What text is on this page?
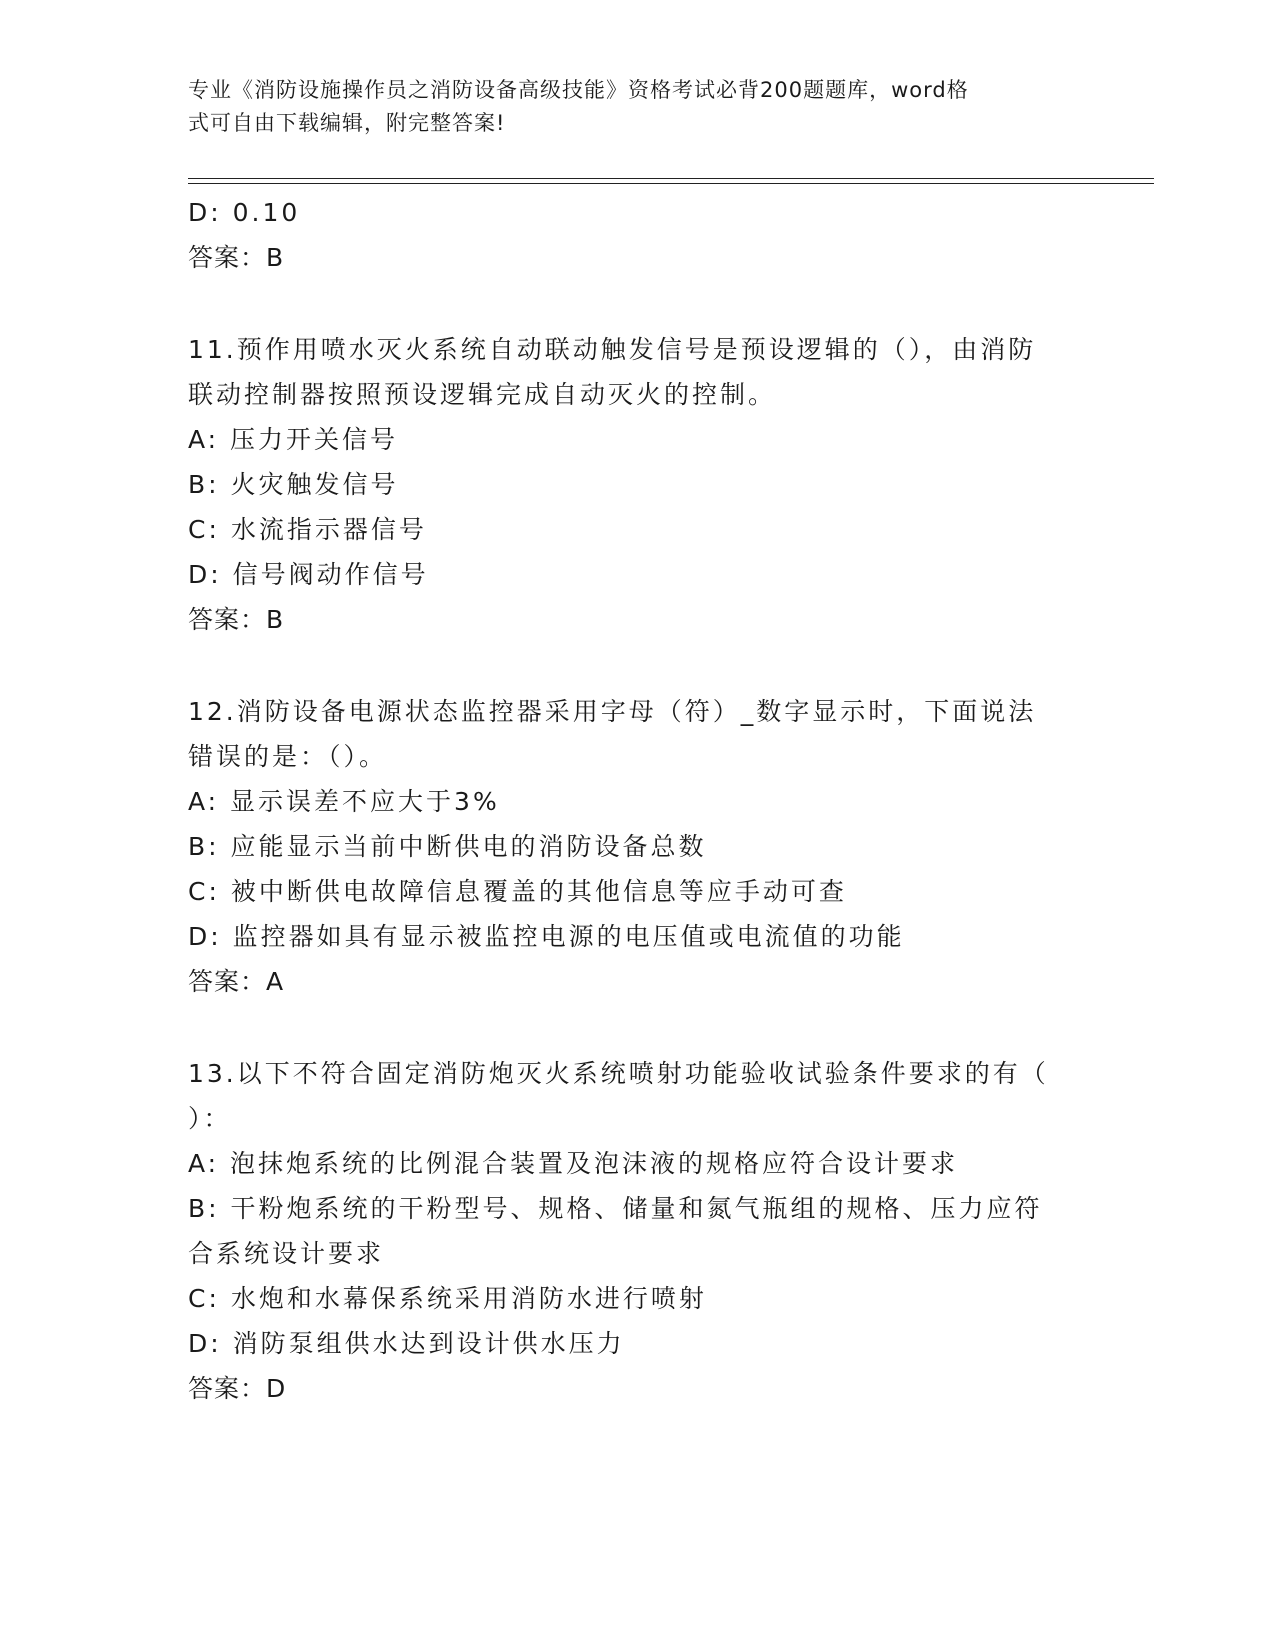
专业《消防设施操作员之消防设备高级技能》资格考试必背200题题库，word格
式可自由下载编辑，附完整答案!
D: 0.10
答案：B
11.预作用喷水灭火系统自动联动触发信号是预设逻辑的（），由消防
联动控制器按照预设逻辑完成自动灭火的控制。
A: 压力开关信号
B: 火灾触发信号
C: 水流指示器信号
D: 信号阀动作信号
答案：B
12.消防设备电源状态监控器采用字母（符）_数字显示时，下面说法
错误的是：（）。
A: 显示误差不应大于3%
B: 应能显示当前中断供电的消防设备总数
C: 被中断供电故障信息覆盖的其他信息等应手动可查
D: 监控器如具有显示被监控电源的电压值或电流值的功能
答案：A
13.以下不符合固定消防炮灭火系统喷射功能验收试验条件要求的有（
）：
A: 泡抹炮系统的比例混合装置及泡沫液的规格应符合设计要求
B: 干粉炮系统的干粉型号、规格、储量和氮气瓶组的规格、压力应符
合系统设计要求
C: 水炮和水幕保系统采用消防水进行喷射
D: 消防泵组供水达到设计供水压力
答案：D
